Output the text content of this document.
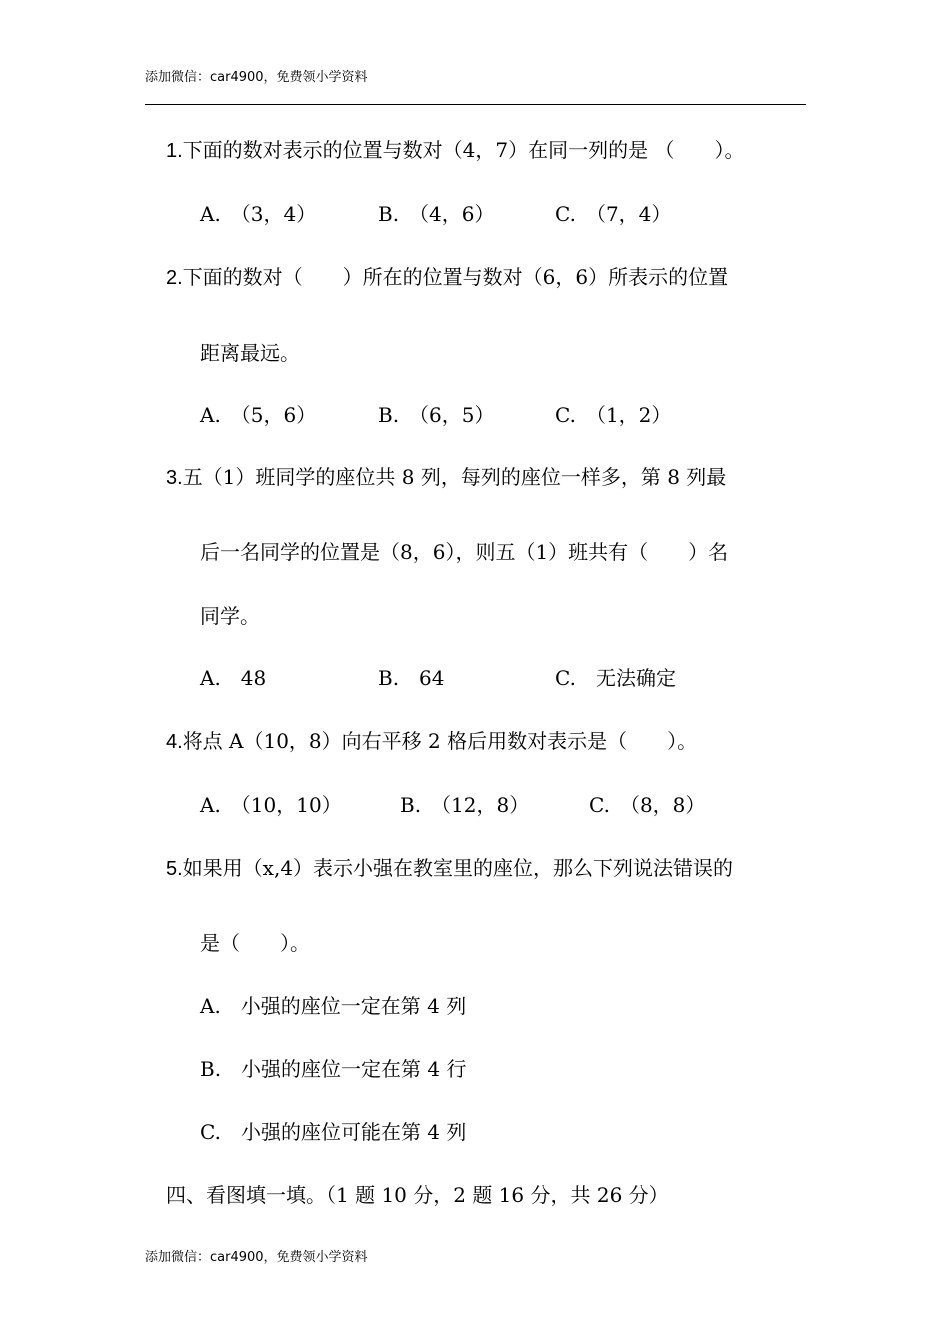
添加微信：car4900，免费领小学资料
1.下面的数对表示的位置与数对（4，7）在同一列的是 （　　）。
A.　（3，4）	B.　（4，6）	C.　（7，4）
2.下面的数对（　　）所在的位置与数对（6，6）所表示的位置
距离最远。
A.　（5，6）	B.　（6，5）	C.　（1，2）
3.五（1）班同学的座位共 8 列，每列的座位一样多，第 8 列最
后一名同学的位置是（8，6），则五（1）班共有（　　）名
同学。
A.　48	B.　64	C.　无法确定
4.将点 A（10，8）向右平移 2 格后用数对表示是（　　）。
A.　（10，10）	B.　（12，8）	C.　（8，8）
5.如果用（x,4）表示小强在教室里的座位，那么下列说法错误的
是（　　）。
A.　小强的座位一定在第 4 列
B.　小强的座位一定在第 4 行
C.　小强的座位可能在第 4 列
四、看图填一填。（1 题 10 分，2 题 16 分，共 26 分）
添加微信：car4900，免费领小学资料
